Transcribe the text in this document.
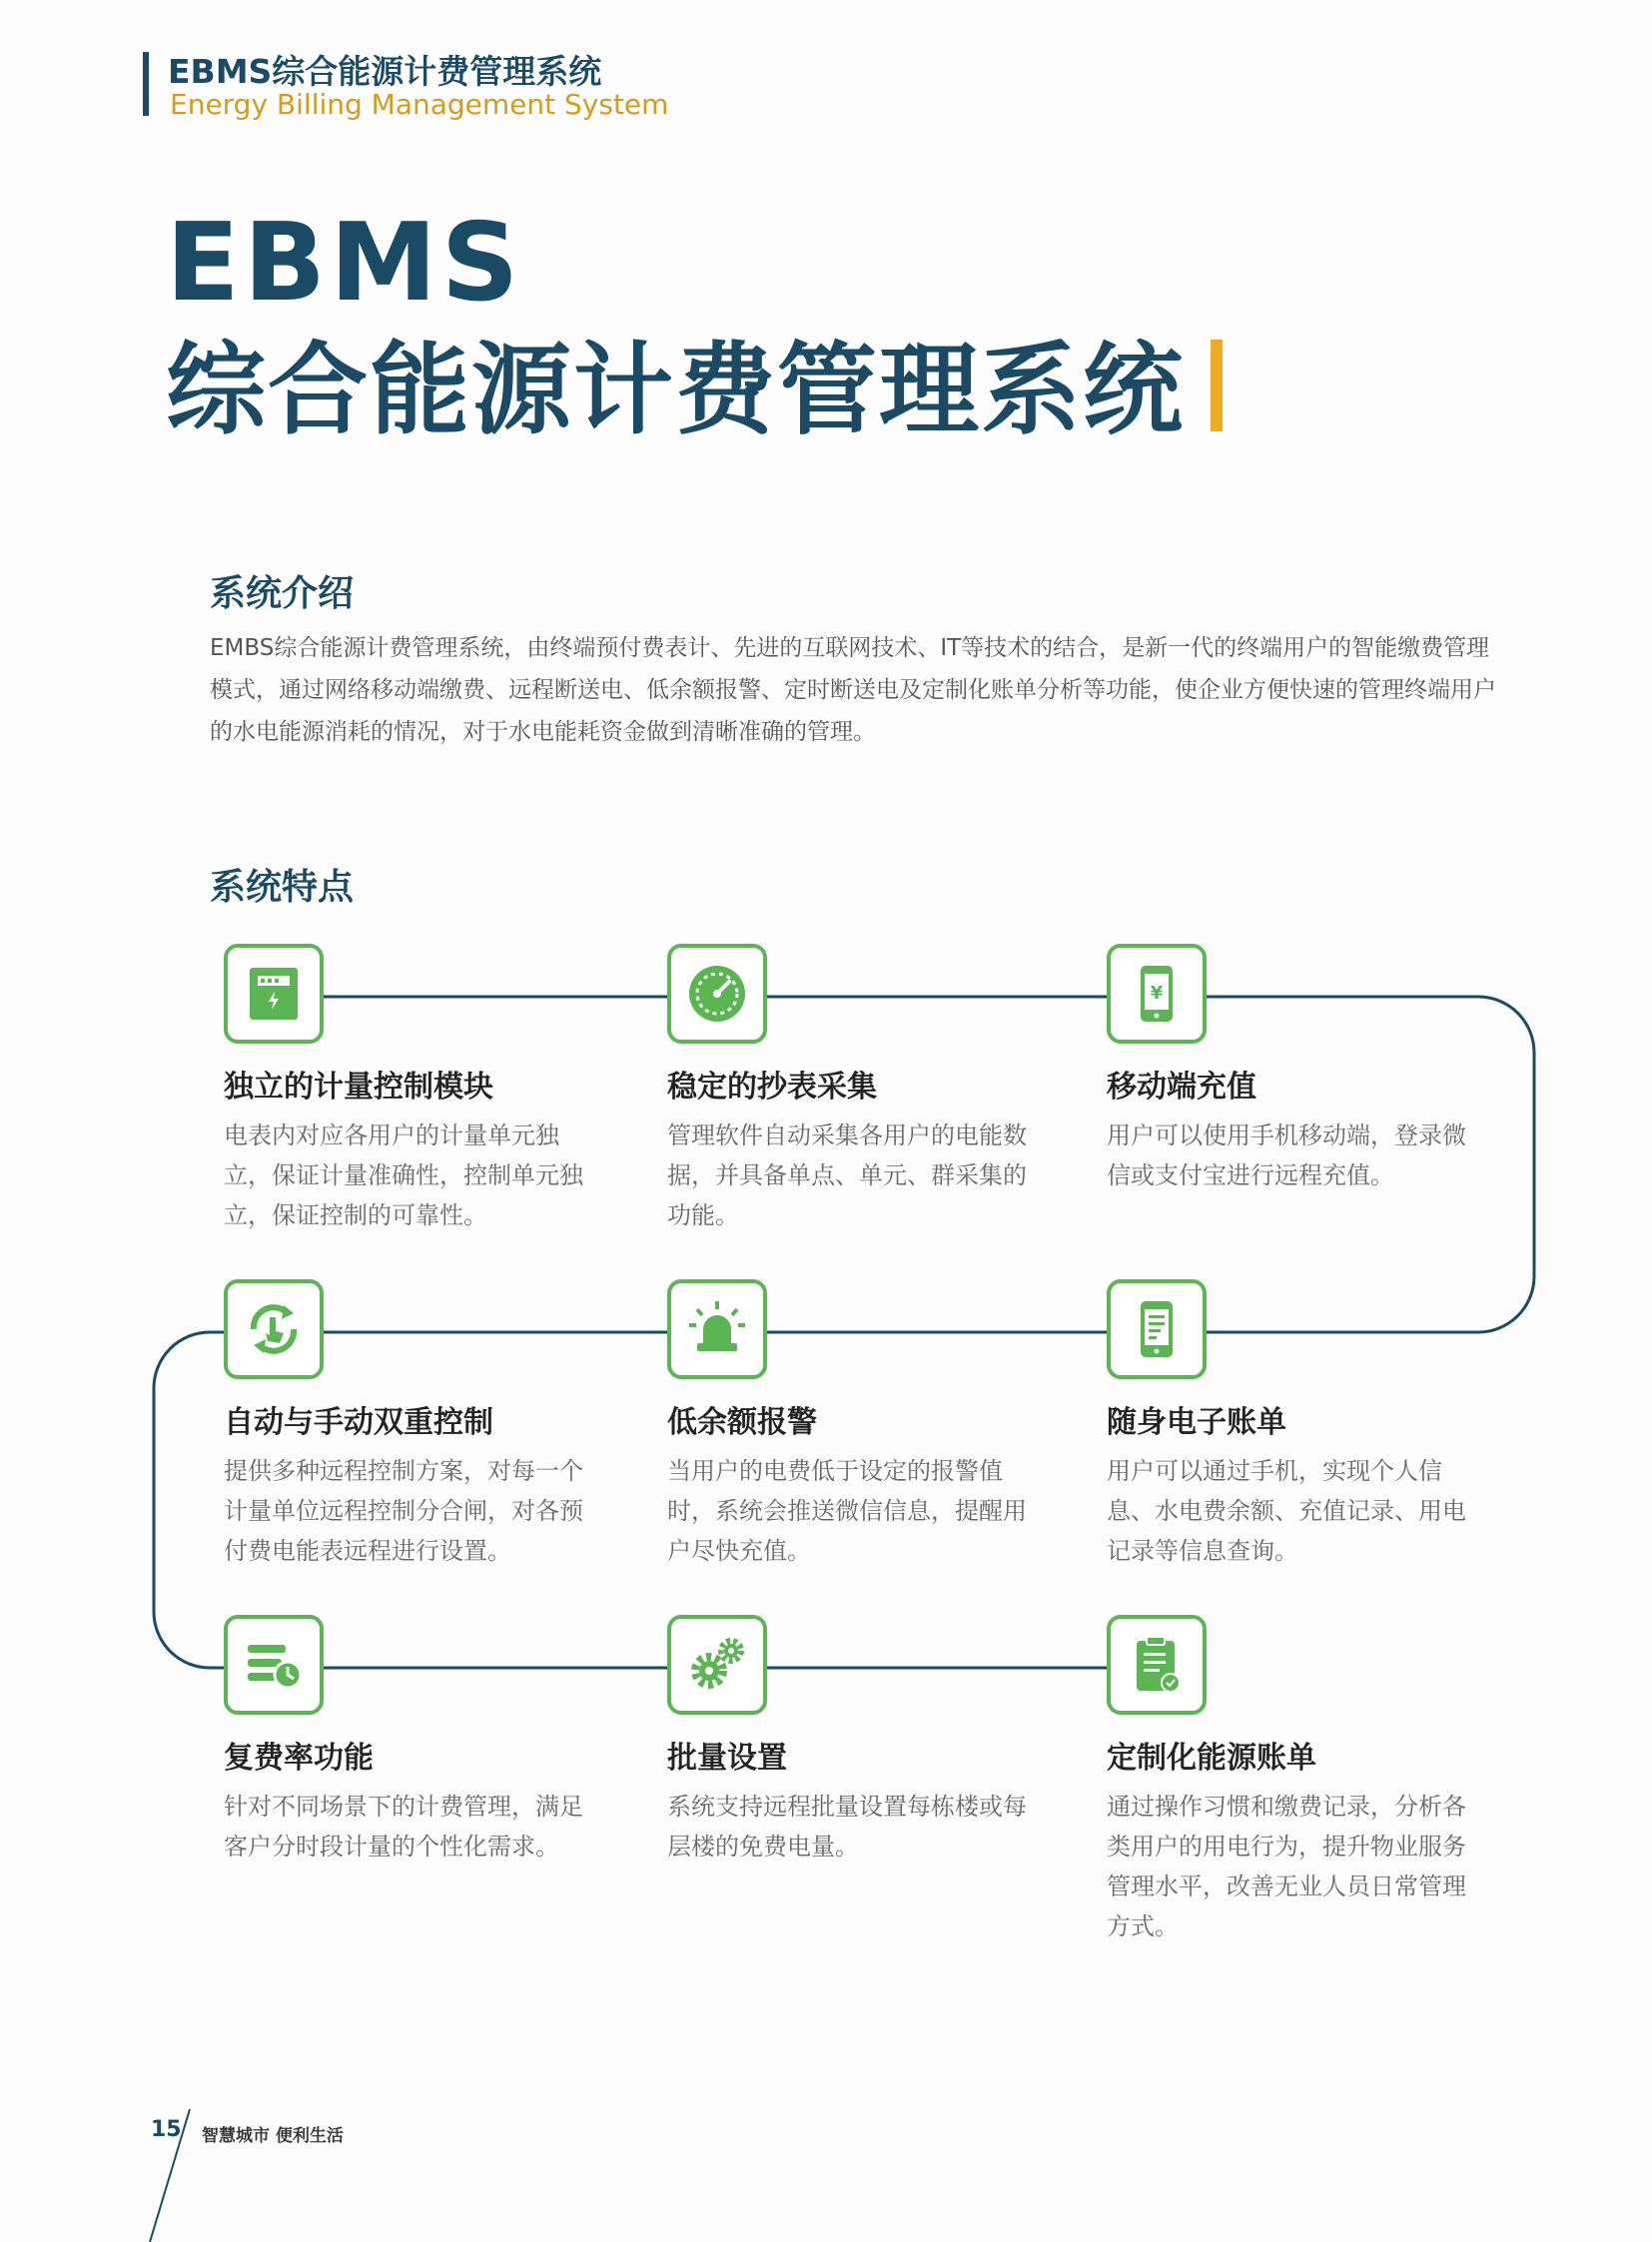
EBMS综合能源计费管理系统
Energy Billing Management System
EBMS
综合能源计费管理系统
系统介绍
EMBS综合能源计费管理系统，由终端预付费表计、先进的互联网技术、IT等技术的结合，是新一代的终端用户的智能缴费管理模式，通过网络移动端缴费、远程断送电、低余额报警、定时断送电及定制化账单分析等功能，使企业方便快速的管理终端用户的水电能源消耗的情况，对于水电能耗资金做到清晰准确的管理。
系统特点
独立的计量控制模块
电表内对应各用户的计量单元独立，保证计量准确性，控制单元独立，保证控制的可靠性。
稳定的抄表采集
管理软件自动采集各用户的电能数据，并具备单点、单元、群采集的功能。
¥
移动端充值
用户可以使用手机移动端，登录微信或支付宝进行远程充值。
自动与手动双重控制
提供多种远程控制方案，对每一个计量单位远程控制分合闸，对各预付费电能表远程进行设置。
低余额报警
当用户的电费低于设定的报警值时，系统会推送微信信息，提醒用户尽快充值。
随身电子账单
用户可以通过手机，实现个人信息、水电费余额、充值记录、用电记录等信息查询。
复费率功能
针对不同场景下的计费管理，满足客户分时段计量的个性化需求。
批量设置
系统支持远程批量设置每栋楼或每层楼的免费电量。
定制化能源账单
通过操作习惯和缴费记录，分析各类用户的用电行为，提升物业服务管理水平，改善无业人员日常管理方式。
15 智慧城市 便利生活
